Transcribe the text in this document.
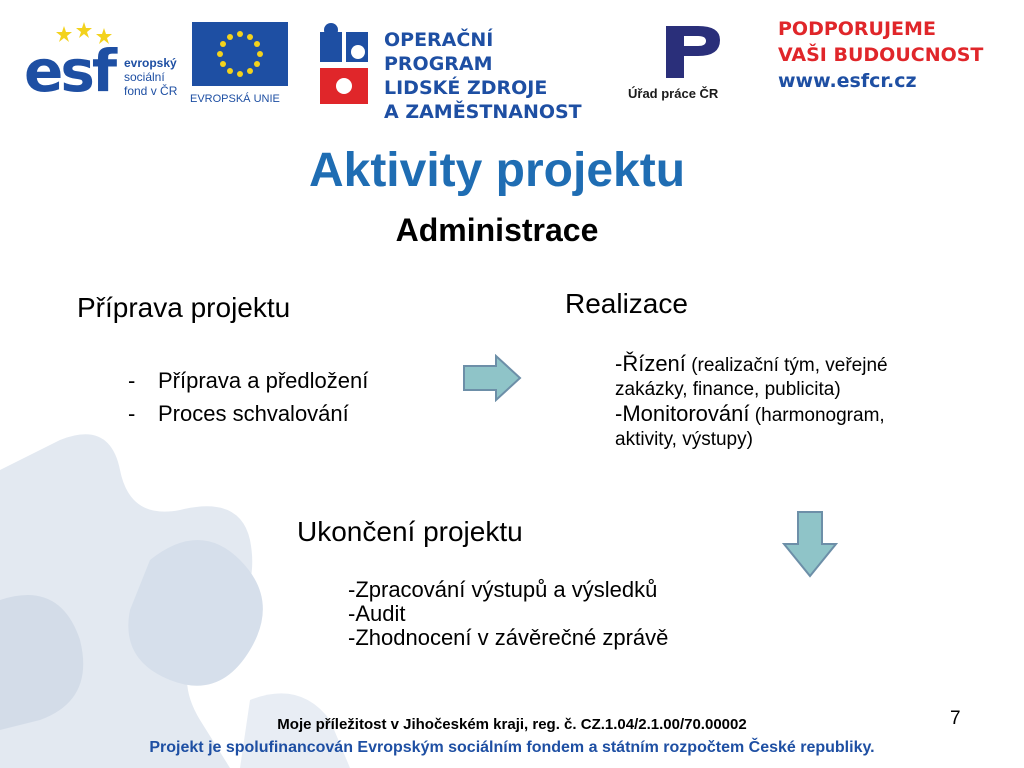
esf evropský
sociální
fond v ČR
EVROPSKÁ UNIE
OPERAČNÍ PROGRAM
LIDSKÉ ZDROJE
A ZAMĚSTNANOST
Úřad práce ČR
PODPORUJEME
VAŠI BUDOUCNOST
www.esfcr.cz
Aktivity projektu
Administrace
Příprava projektu
- Příprava a předložení
- Proces schvalování
Realizace
-Řízení (realizační tým, veřejné
zakázky, finance, publicita)
-Monitorování (harmonogram,
aktivity, výstupy)
Ukončení projektu
-Zpracování výstupů a výsledků
-Audit
-Zhodnocení v závěrečné zprávě
7
Moje příležitost v Jihočeském kraji, reg. č. CZ.1.04/2.1.00/70.00002
Projekt je spolufinancován Evropským sociálním fondem a státním rozpočtem České republiky.
